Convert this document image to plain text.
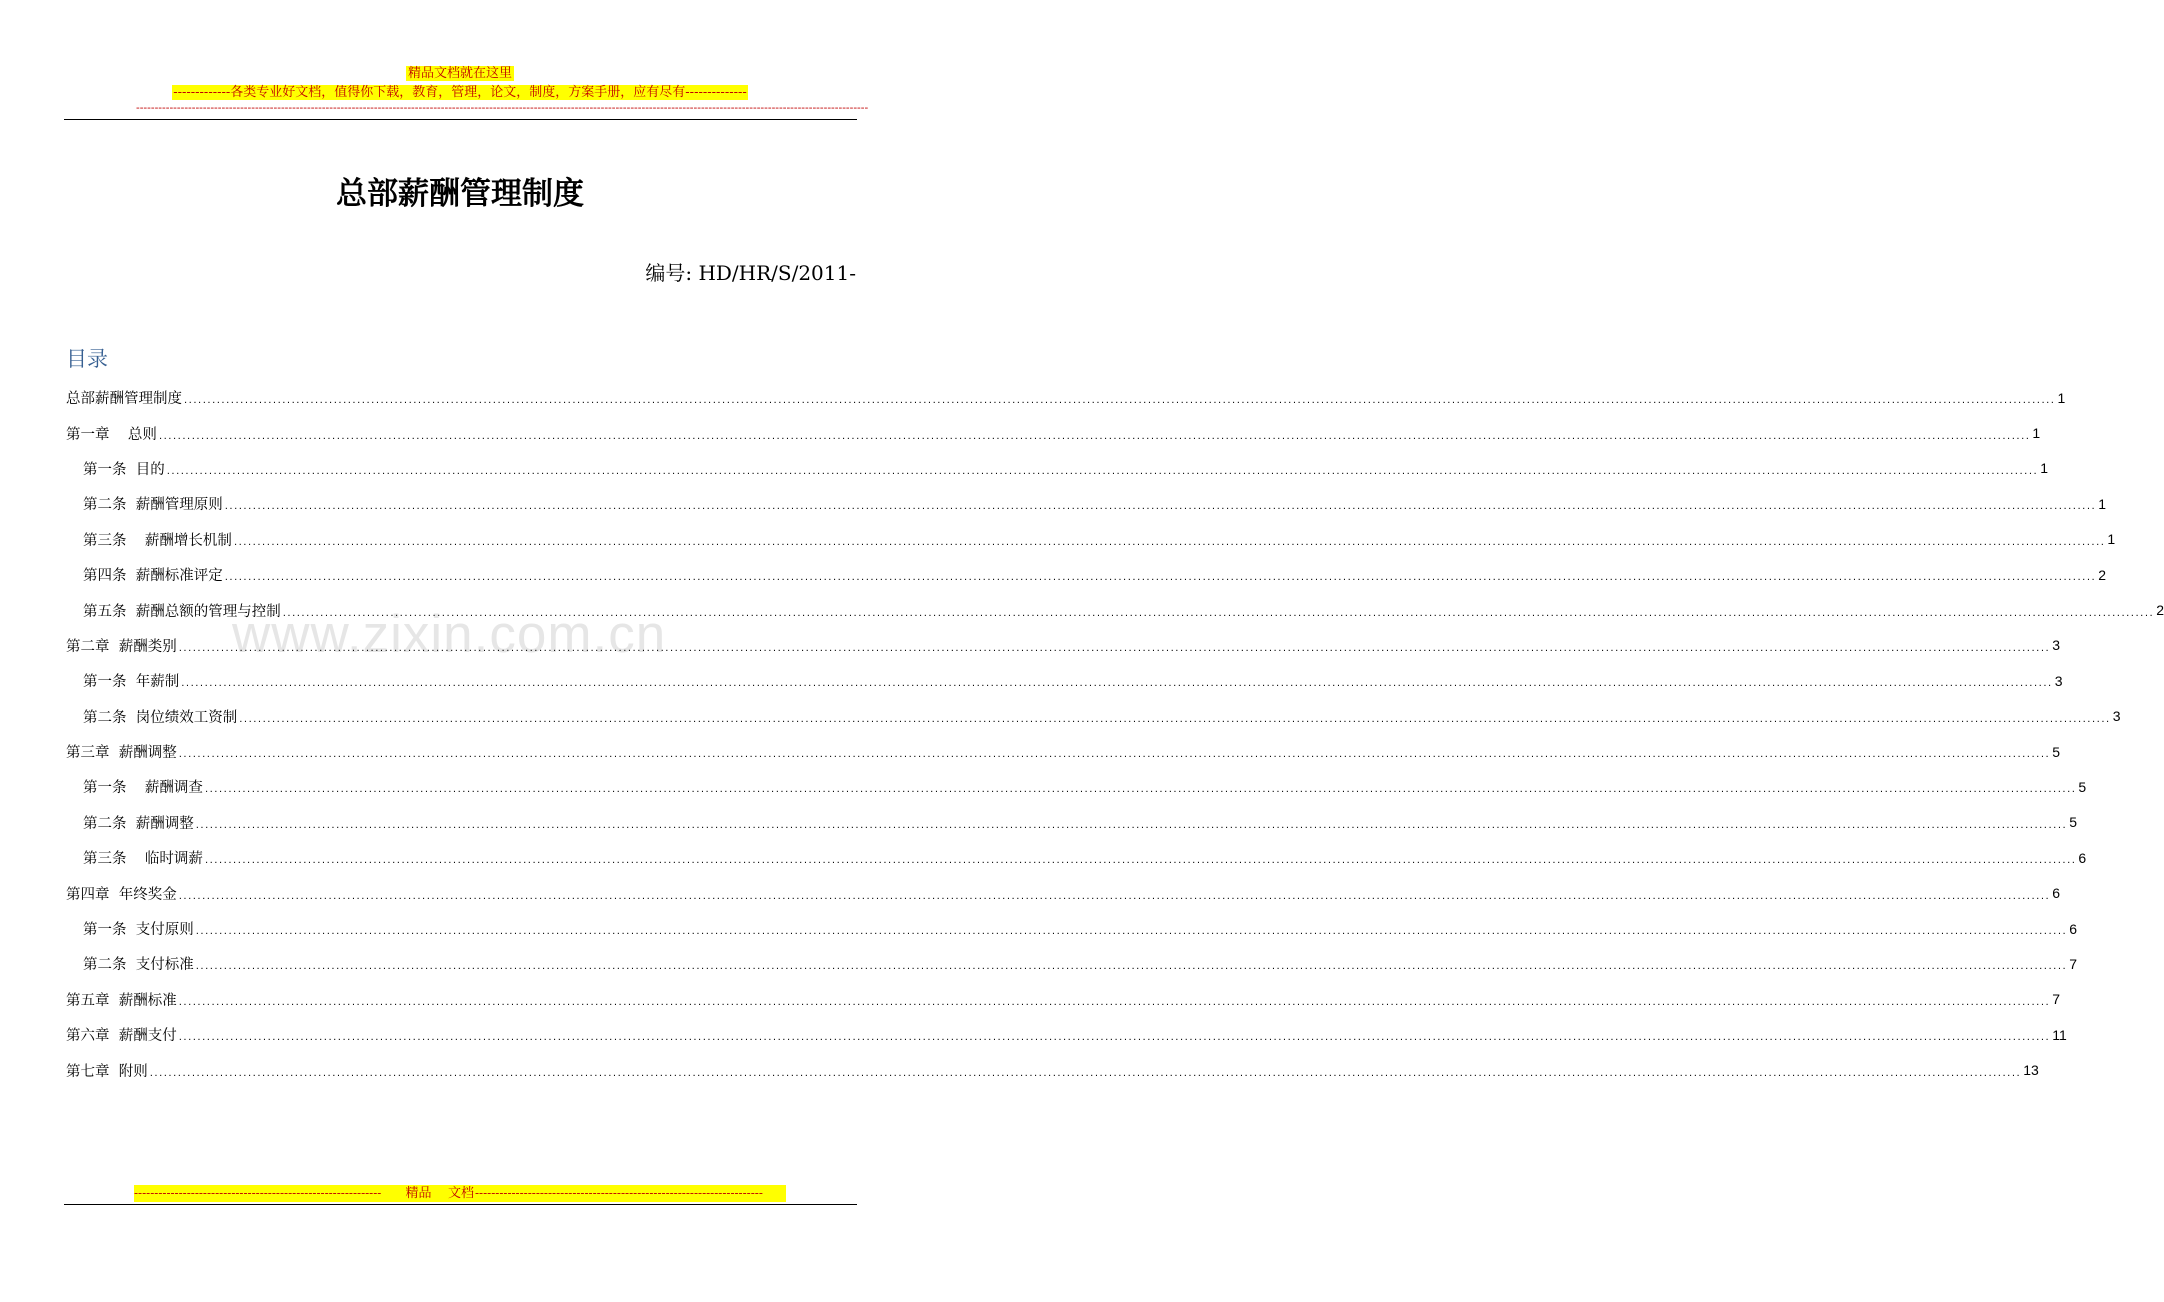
精品文档就在这里
-------------各类专业好文档，值得你下载，教育，管理，论文，制度，方案手册，应有尽有--------------
-----------------------------------------------------------------------------------------------------------------------------------------------------------------------------------------------------
总部薪酬管理制度
编号: HD/HR/S/2011-
目录
www.zixin.com.cn
总部薪酬管理制度 ................................................................................................................................................................................................................................................................................................................................................................................................................ 1
第一章    总则 ................................................................................................................................................................................................................................................................................................................................................................................................................ 1
第一条  目的 ................................................................................................................................................................................................................................................................................................................................................................................................................ 1
第二条  薪酬管理原则 ................................................................................................................................................................................................................................................................................................................................................................................................................ 1
第三条    薪酬增长机制 ................................................................................................................................................................................................................................................................................................................................................................................................................ 1
第四条  薪酬标准评定 ................................................................................................................................................................................................................................................................................................................................................................................................................ 2
第五条  薪酬总额的管理与控制 ................................................................................................................................................................................................................................................................................................................................................................................................................ 2
第二章  薪酬类别 ................................................................................................................................................................................................................................................................................................................................................................................................................ 3
第一条  年薪制 ................................................................................................................................................................................................................................................................................................................................................................................................................ 3
第二条  岗位绩效工资制 ................................................................................................................................................................................................................................................................................................................................................................................................................ 3
第三章  薪酬调整 ................................................................................................................................................................................................................................................................................................................................................................................................................ 5
第一条    薪酬调查 ................................................................................................................................................................................................................................................................................................................................................................................................................ 5
第二条  薪酬调整 ................................................................................................................................................................................................................................................................................................................................................................................................................ 5
第三条    临时调薪 ................................................................................................................................................................................................................................................................................................................................................................................................................ 6
第四章  年终奖金 ................................................................................................................................................................................................................................................................................................................................................................................................................ 6
第一条  支付原则 ................................................................................................................................................................................................................................................................................................................................................................................................................ 6
第二条  支付标准 ................................................................................................................................................................................................................................................................................................................................................................................................................ 7
第五章  薪酬标准 ................................................................................................................................................................................................................................................................................................................................................................................................................ 7
第六章  薪酬支付 ................................................................................................................................................................................................................................................................................................................................................................................................................ 11
第七章  附则 ................................................................................................................................................................................................................................................................................................................................................................................................................ 13
-------------------------------------------------------------	精品    文档 -----------------------------------------------------------------------
